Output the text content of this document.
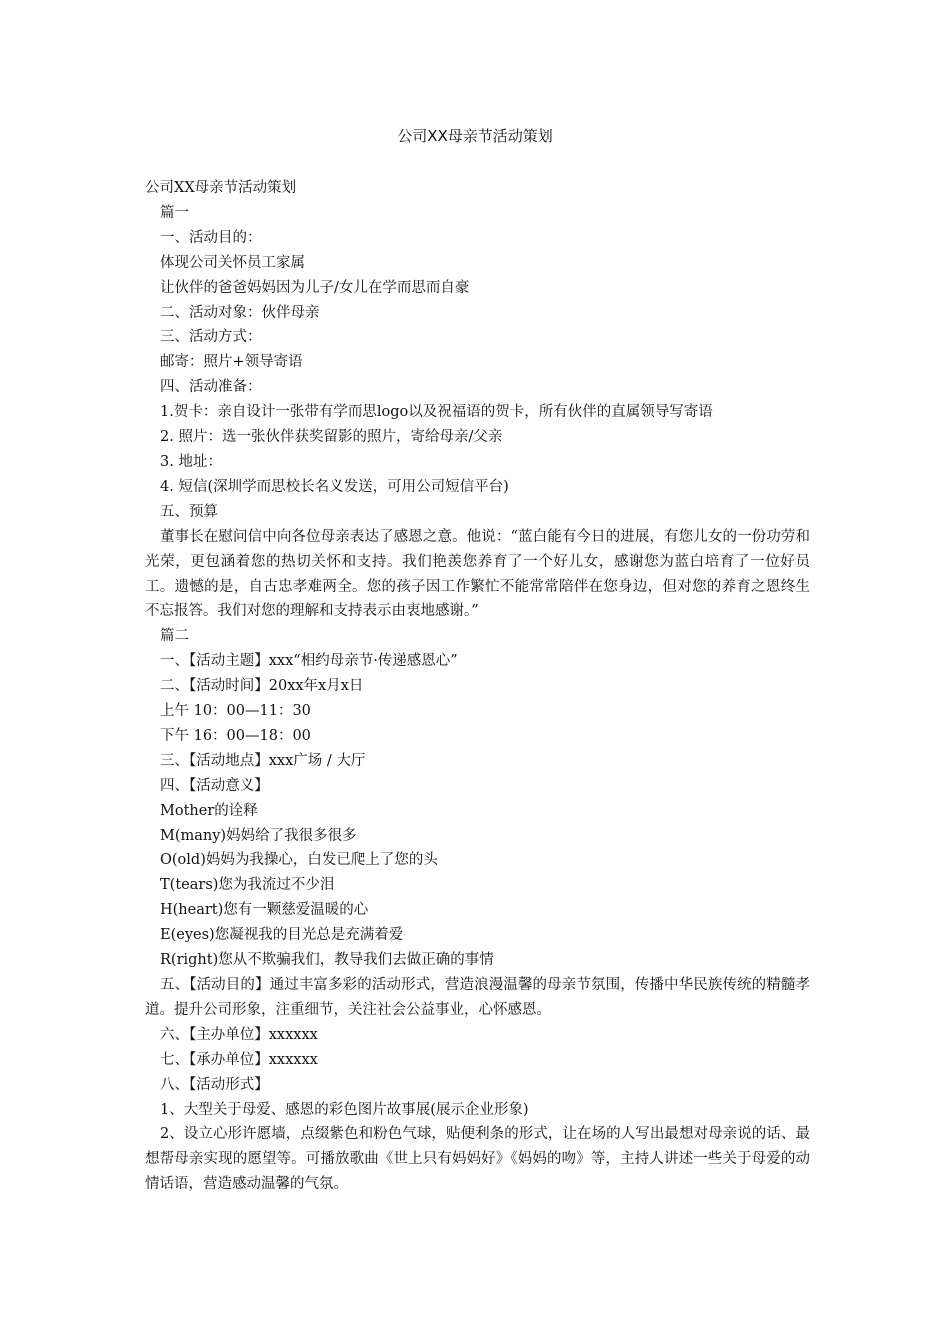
公司XX母亲节活动策划

公司XX母亲节活动策划

篇一

一、活动目的：

体现公司关怀员工家属

让伙伴的爸爸妈妈因为儿子/女儿在学而思而自豪

二、活动对象：伙伴母亲

三、活动方式：

邮寄：照片+领导寄语

四、活动准备：

1.贺卡：亲自设计一张带有学而思logo以及祝福语的贺卡，所有伙伴的直属领导写寄语

2. 照片：选一张伙伴获奖留影的照片，寄给母亲/父亲

3. 地址：

4. 短信(深圳学而思校长名义发送，可用公司短信平台)

五、预算

董事长在慰问信中向各位母亲表达了感恩之意。他说：“蓝白能有今日的进展，有您儿女的一份功劳和光荣，更包涵着您的热切关怀和支持。我们艳羡您养育了一个好儿女，感谢您为蓝白培育了一位好员工。遗憾的是，自古忠孝难两全。您的孩子因工作繁忙不能常常陪伴在您身边，但对您的养育之恩终生不忘报答。我们对您的理解和支持表示由衷地感谢。”

篇二

一、【活动主题】xxx“相约母亲节·传递感恩心”

二、【活动时间】20xx年x月x日

上午 10：00—11：30

下午 16：00—18：00

三、【活动地点】xxx广场 / 大厅

四、【活动意义】

Mother的诠释

M(many)妈妈给了我很多很多

O(old)妈妈为我操心，白发已爬上了您的头

T(tears)您为我流过不少泪

H(heart)您有一颗慈爱温暖的心

E(eyes)您凝视我的目光总是充满着爱

R(right)您从不欺骗我们，教导我们去做正确的事情

五、【活动目的】通过丰富多彩的活动形式，营造浪漫温馨的母亲节氛围，传播中华民族传统的精髓孝道。提升公司形象，注重细节，关注社会公益事业，心怀感恩。

六、【主办单位】xxxxxx

七、【承办单位】xxxxxx

八、【活动形式】

1、大型关于母爱、感恩的彩色图片故事展(展示企业形象)

2、设立心形许愿墙，点缀紫色和粉色气球，贴便利条的形式，让在场的人写出最想对母亲说的话、最想帮母亲实现的愿望等。可播放歌曲《世上只有妈妈好》《妈妈的吻》等，主持人讲述一些关于母爱的动情话语，营造感动温馨的气氛。
